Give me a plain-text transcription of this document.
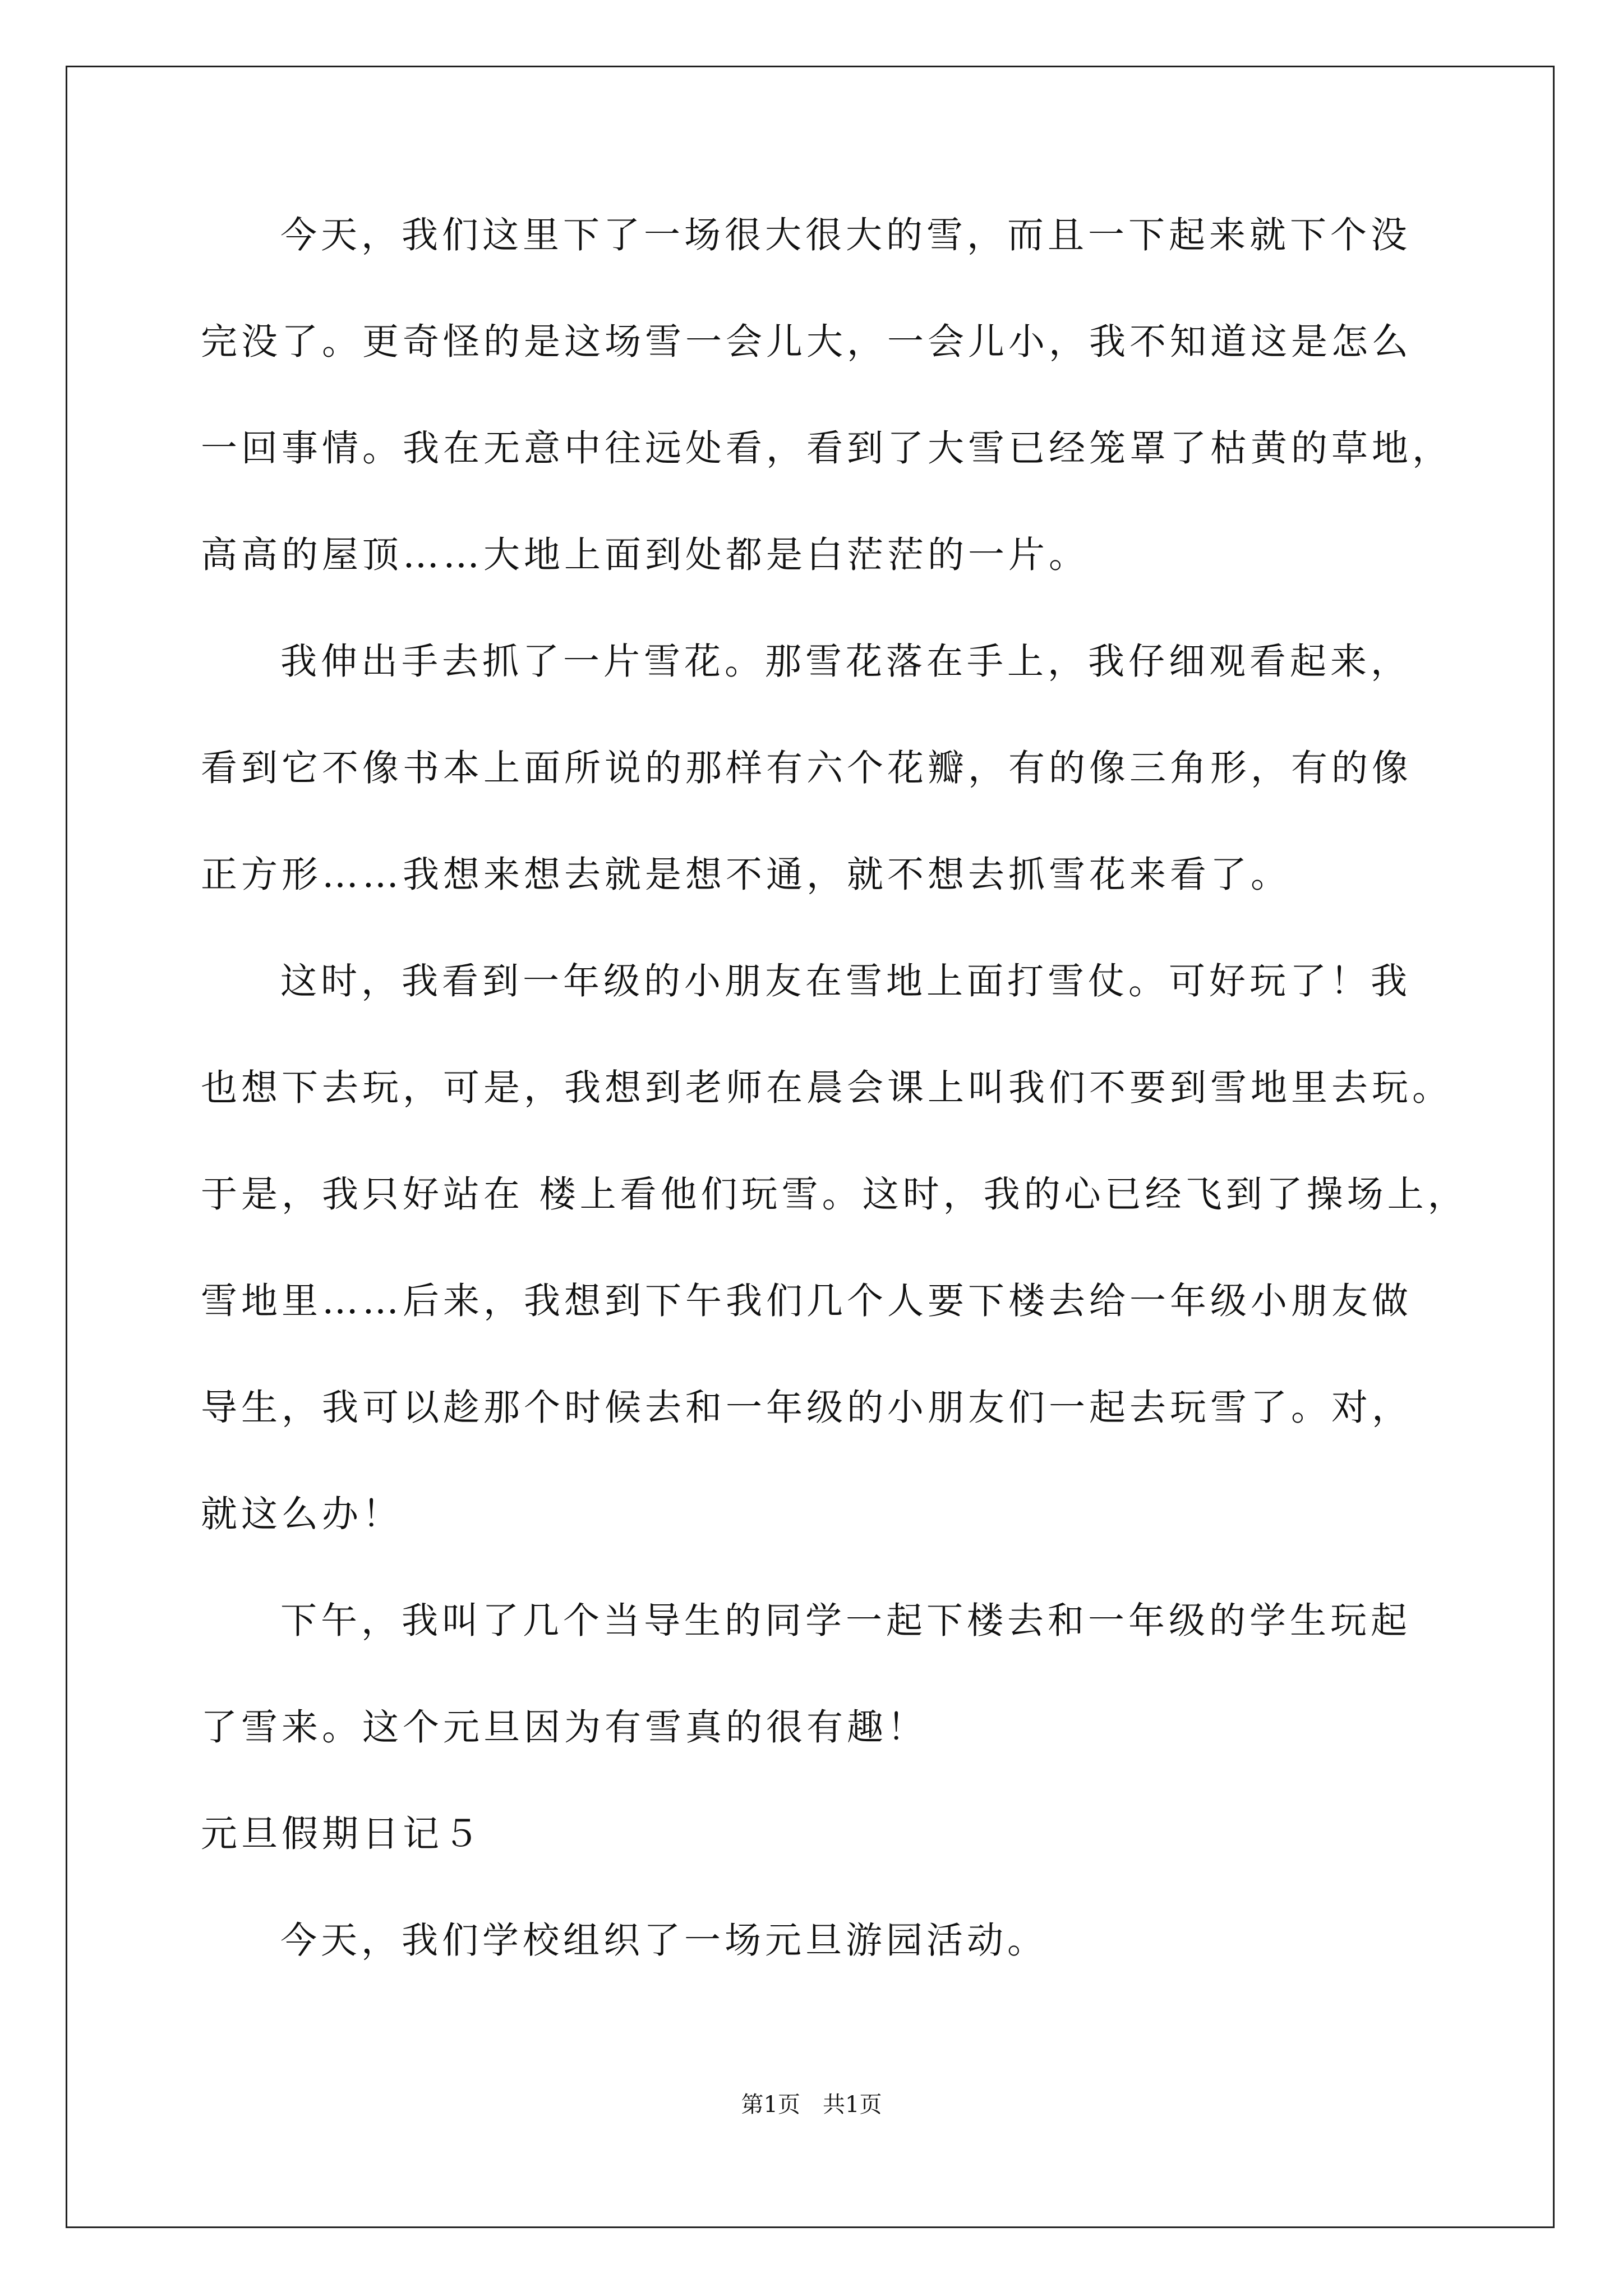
今天，我们这里下了一场很大很大的雪，而且一下起来就下个没
完没了。更奇怪的是这场雪一会儿大，一会儿小，我不知道这是怎么
一回事情。我在无意中往远处看，看到了大雪已经笼罩了枯黄的草地，
高高的屋顶……大地上面到处都是白茫茫的一片。
我伸出手去抓了一片雪花。那雪花落在手上，我仔细观看起来，
看到它不像书本上面所说的那样有六个花瓣，有的像三角形，有的像
正方形……我想来想去就是想不通，就不想去抓雪花来看了。
这时，我看到一年级的小朋友在雪地上面打雪仗。可好玩了！我
也想下去玩，可是，我想到老师在晨会课上叫我们不要到雪地里去玩。
于是，我只好站在 楼上看他们玩雪。这时，我的心已经飞到了操场上，
雪地里……后来，我想到下午我们几个人要下楼去给一年级小朋友做
导生，我可以趁那个时候去和一年级的小朋友们一起去玩雪了。对，
就这么办！
下午，我叫了几个当导生的同学一起下楼去和一年级的学生玩起
了雪来。这个元旦因为有雪真的很有趣！
元旦假期日记５
今天，我们学校组织了一场元旦游园活动。
第1页　共1页
